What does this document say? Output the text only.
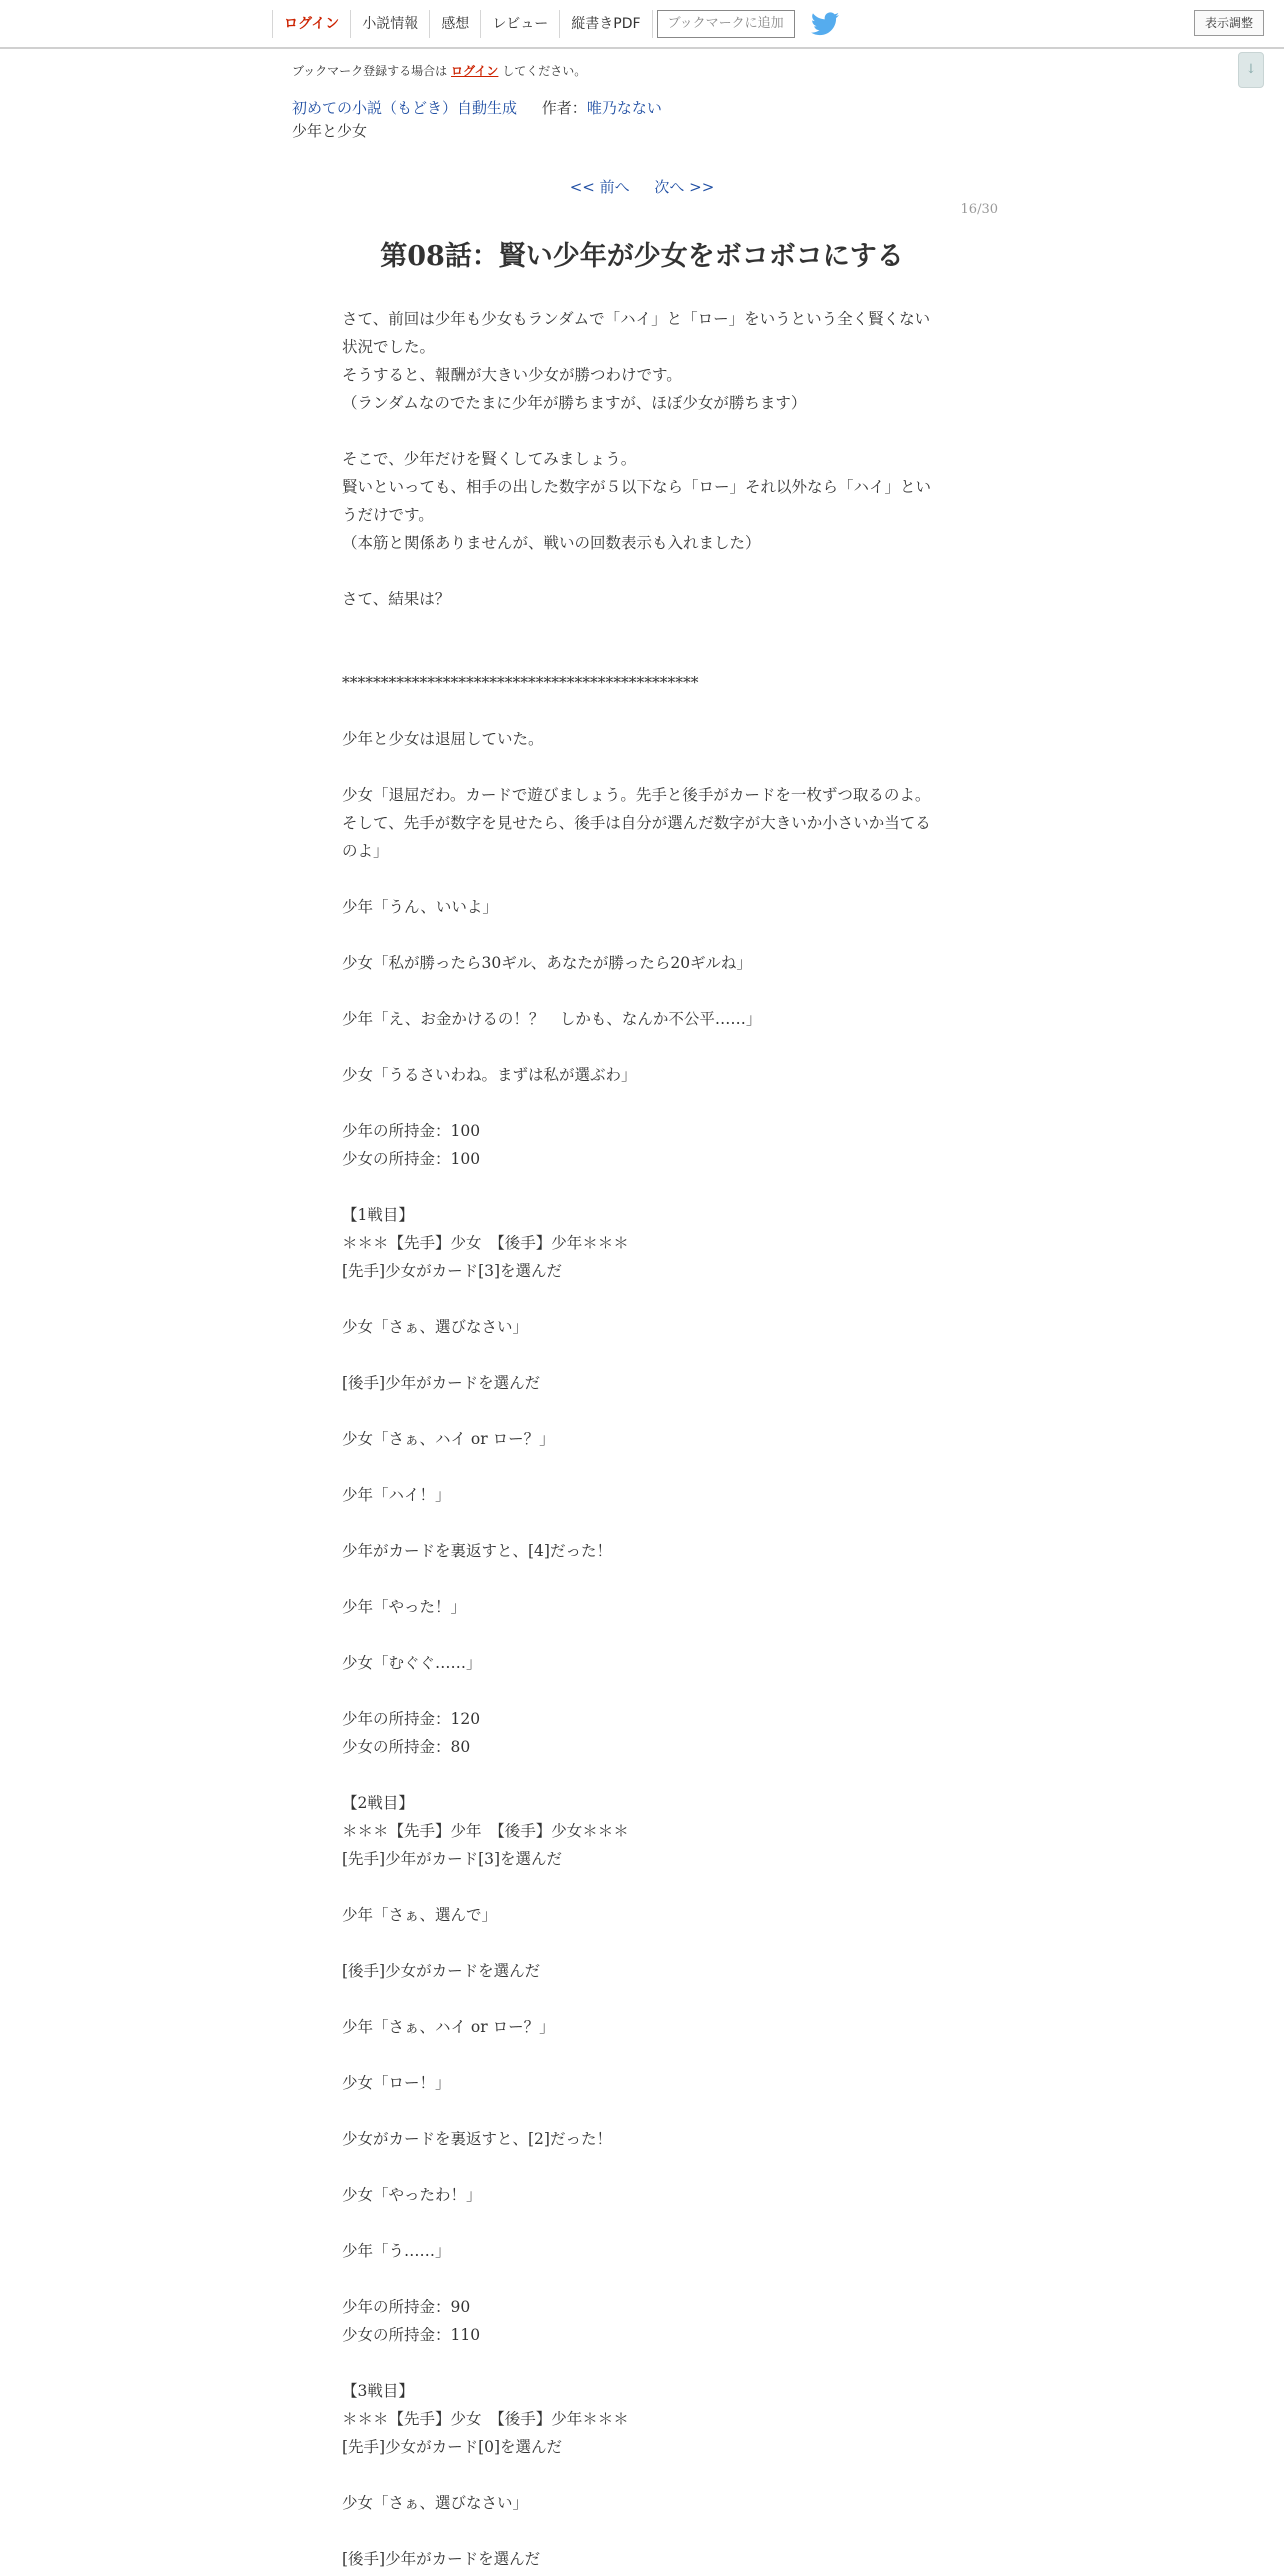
ログイン	小説情報	感想	レビュー	縦書きPDF	ブックマークに追加	表示調整
↓
ブックマーク登録する場合は ログイン してください。
初めての小説（もどき）自動生成 作者：唯乃なない
少年と少女
<< 前へ 次へ >>
16/30
第08話：賢い少年が少女をボコボコにする

さて、前回は少年も少女もランダムで「ハイ」と「ロー」をいうという全く賢くない状況でした。

そうすると、報酬が大きい少女が勝つわけです。

（ランダムなのでたまに少年が勝ちますが、ほぼ少女が勝ちます）

そこで、少年だけを賢くしてみましょう。

賢いといっても、相手の出した数字が５以下なら「ロー」それ以外なら「ハイ」というだけです。

（本筋と関係ありませんが、戦いの回数表示も入れました）

さて、結果は？

**********************************************

少年と少女は退屈していた。

少女「退屈だわ。カードで遊びましょう。先手と後手がカードを一枚ずつ取るのよ。そして、先手が数字を見せたら、後手は自分が選んだ数字が大きいか小さいか当てるのよ」

少年「うん、いいよ」

少女「私が勝ったら30ギル、あなたが勝ったら20ギルね」

少年「え、お金かけるの！？　しかも、なんか不公平……」

少女「うるさいわね。まずは私が選ぶわ」

少年の所持金：100

少女の所持金：100

【1戦目】

＊＊＊【先手】少女　【後手】少年＊＊＊

[先手]少女がカード[3]を選んだ

少女「さぁ、選びなさい」

[後手]少年がカードを選んだ

少女「さぁ、ハイ or ロー？」

少年「ハイ！」

少年がカードを裏返すと、[4]だった！

少年「やった！」

少女「むぐぐ……」

少年の所持金：120

少女の所持金：80

【2戦目】

＊＊＊【先手】少年　【後手】少女＊＊＊

[先手]少年がカード[3]を選んだ

少年「さぁ、選んで」

[後手]少女がカードを選んだ

少年「さぁ、ハイ or ロー？」

少女「ロー！」

少女がカードを裏返すと、[2]だった！

少女「やったわ！」

少年「う……」

少年の所持金：90

少女の所持金：110

【3戦目】

＊＊＊【先手】少女　【後手】少年＊＊＊

[先手]少女がカード[0]を選んだ

少女「さぁ、選びなさい」

[後手]少年がカードを選んだ
